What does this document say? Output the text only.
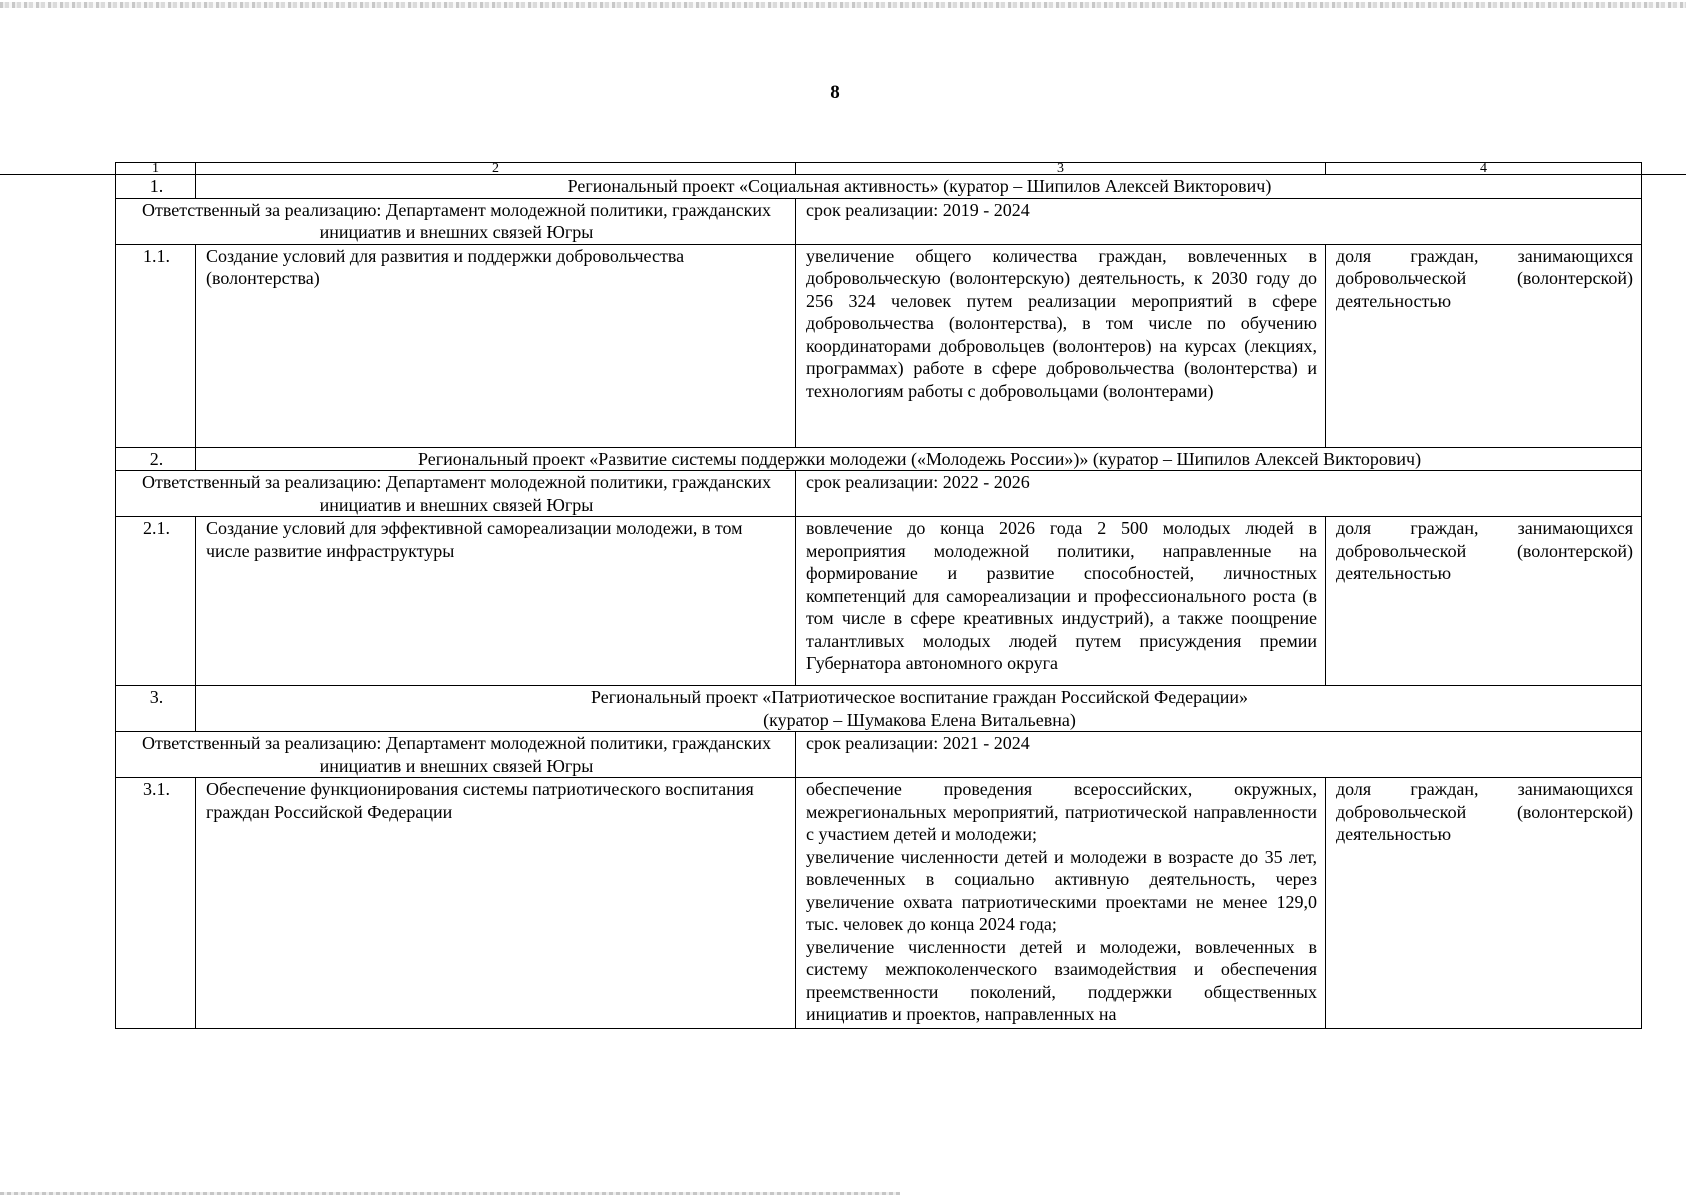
8
1	2	3	4
1.	Региональный проект «Социальная активность» (куратор – Шипилов Алексей Викторович)		
Ответственный за реализацию: Департамент молодежной политики, гражданских инициатив и внешних связей Югры		срок реализации: 2019 - 2024	
1.1.	Создание условий для развития и поддержки добровольчества (волонтерства)	увеличение общего количества граждан, вовлеченных в добровольческую (волонтерскую) деятельность, к 2030 году до 256 324 человек путем реализации мероприятий в сфере добровольчества (волонтерства), в том числе по обучению координаторами добровольцев (волонтеров) на курсах (лекциях, программах) работе в сфере добровольчества (волонтерства) и технологиям работы с добровольцами (волонтерами)	доля граждан, занимающихся добровольческой (волонтерской) деятельностью
2.	Региональный проект «Развитие системы поддержки молодежи («Молодежь России»)» (куратор – Шипилов Алексей Викторович)		
Ответственный за реализацию: Департамент молодежной политики, гражданских инициатив и внешних связей Югры		срок реализации: 2022 - 2026	
2.1.	Создание условий для эффективной самореализации молодежи, в том числе развитие инфраструктуры	вовлечение до конца 2026 года 2 500 молодых людей в мероприятия молодежной политики, направленные на формирование и развитие способностей, личностных компетенций для самореализации и профессионального роста (в том числе в сфере креативных индустрий), а также поощрение талантливых молодых людей путем присуждения премии Губернатора автономного округа	доля граждан, занимающихся добровольческой (волонтерской) деятельностью
3.	Региональный проект «Патриотическое воспитание граждан Российской Федерации»
(куратор – Шумакова Елена Витальевна)		

Ответственный за реализацию: Департамент молодежной политики, гражданских инициатив и внешних связей Югры		срок реализации: 2021 - 2024	
3.1.	Обеспечение функционирования системы патриотического воспитания граждан Российской Федерации	обеспечение проведения всероссийских, окружных, межрегиональных мероприятий, патриотической направленности с участием детей и молодежи;
увеличение численности детей и молодежи в возрасте до 35 лет, вовлеченных в социально активную деятельность, через увеличение охвата патриотическими проектами не менее 129,0 тыс. человек до конца 2024 года;
увеличение численности детей и молодежи, вовлеченных в систему межпоколенческого взаимодействия и обеспечения преемственности поколений, поддержки общественных инициатив и проектов, направленных на	доля граждан, занимающихся добровольческой (волонтерской) деятельностью
